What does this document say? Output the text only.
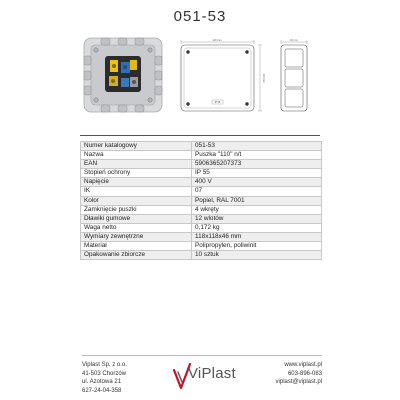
051-53
118 mm
IP 55
118 mm
46 mm
Numer katalogowy	051-53
Nazwa	Puszka "110" n/t
EAN	5906365207373
Stopień ochrony	IP 55
Napięcie	400 V
IK	07
Kolor	Popiel, RAL 7001
Zamknięcie puszki	4 wkręty
Dławiki gumowe	12 wlotów
Waga netto	0,172 kg
Wymiary zewnętrzne	118x118x46 mm
Materiał	Polipropylen, poliwinit
Opakowanie zbiorcze	10 sztuk
Viplast Sp. z o.o.
41-503 Chorzów
ul. Azotowa 21
627-24-04-358
ViPlast	www.viplast.pl
603-896-083
viplast@viplast.pl
